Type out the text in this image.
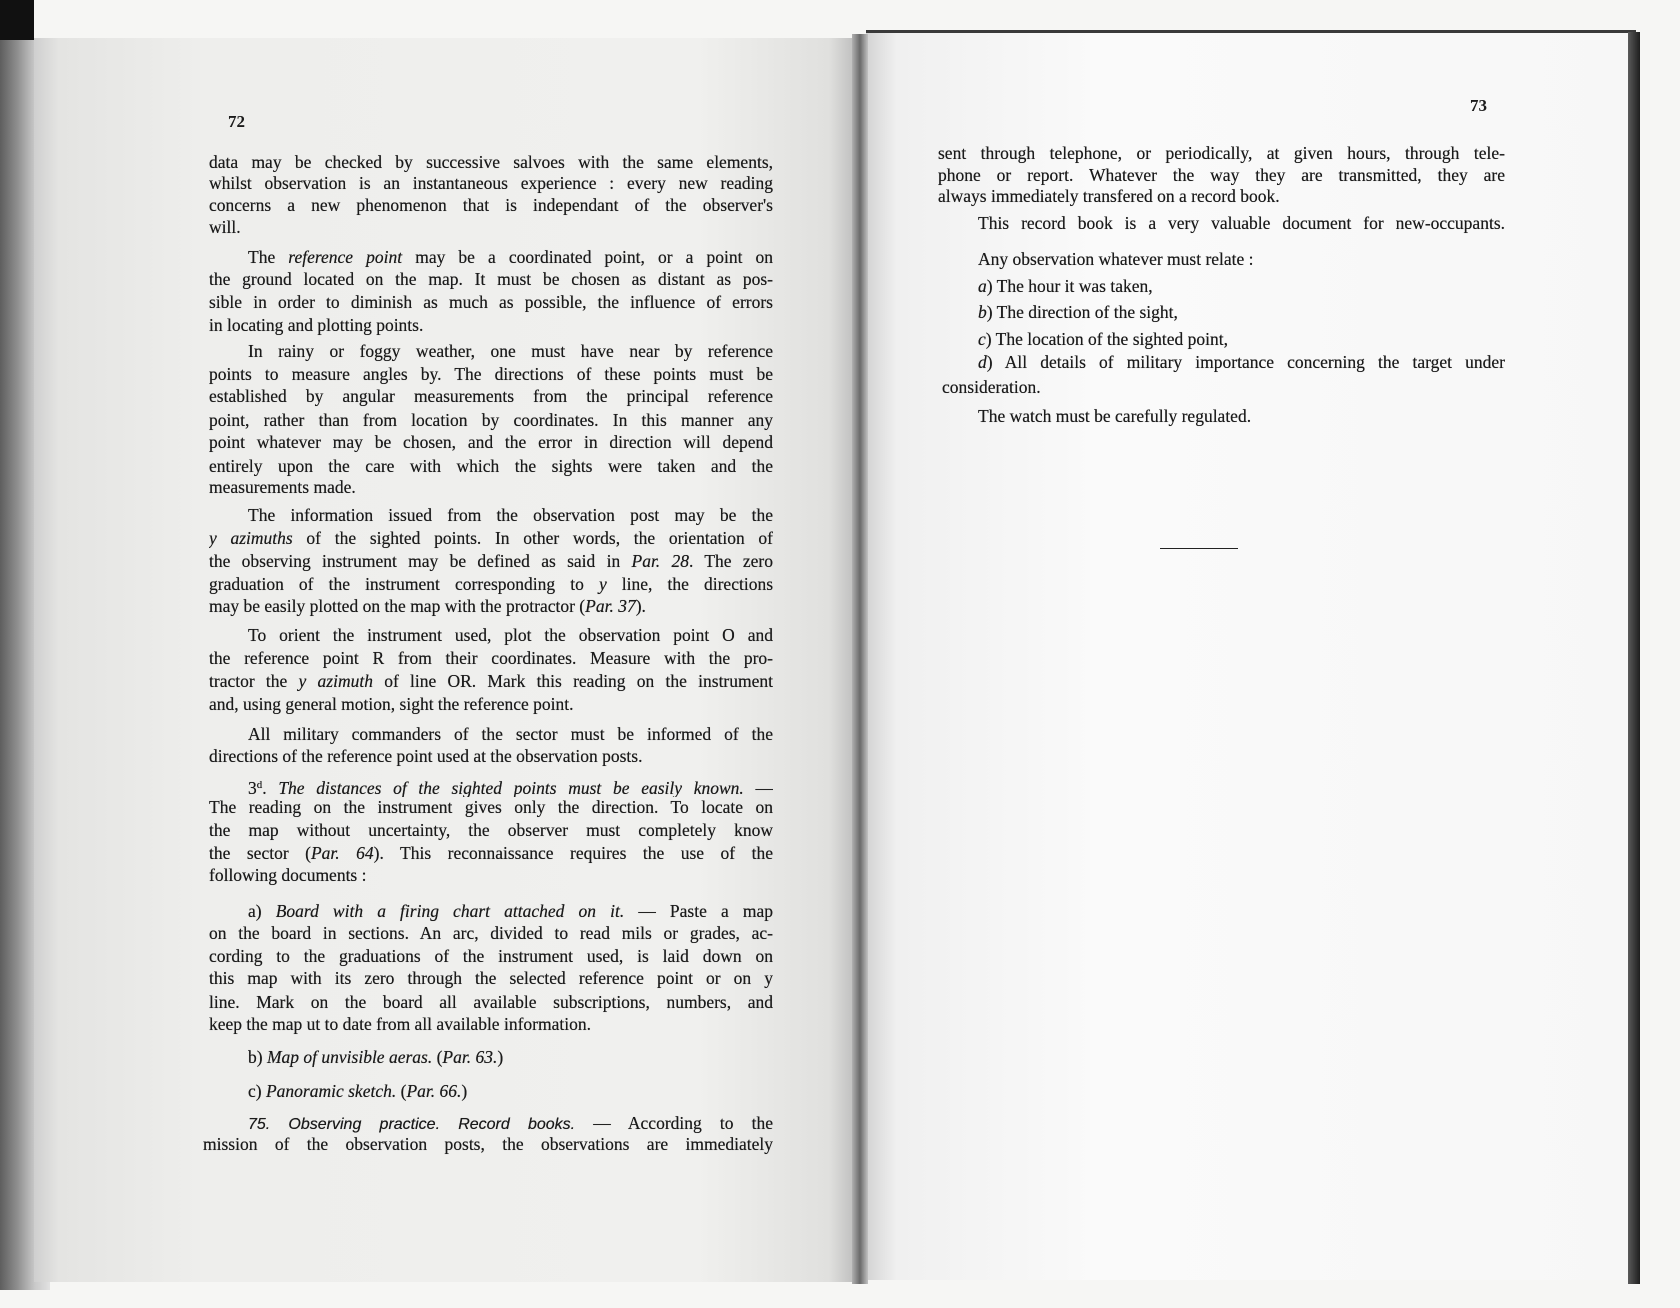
72
73
data may be checked by successive salvoes with the same elements,
whilst observation is an instantaneous experience : every new reading
concerns a new phenomenon that is independant of the observer's
will.
The reference point may be a coordinated point, or a point on
the ground located on the map. It must be chosen as distant as pos-
sible in order to diminish as much as possible, the influence of errors
in locating and plotting points.
In rainy or foggy weather, one must have near by reference
points to measure angles by. The directions of these points must be
established by angular measurements from the principal reference
point, rather than from location by coordinates. In this manner any
point whatever may be chosen, and the error in direction will depend
entirely upon the care with which the sights were taken and the
measurements made.
The information issued from the observation post may be the
y azimuths of the sighted points. In other words, the orientation of
the observing instrument may be defined as said in Par. 28. The zero
graduation of the instrument corresponding to y line, the directions
may be easily plotted on the map with the protractor (Par. 37).
To orient the instrument used, plot the observation point O and
the reference point R from their coordinates. Measure with the pro-
tractor the y azimuth of line OR. Mark this reading on the instrument
and, using general motion, sight the reference point.
All military commanders of the sector must be informed of the
directions of the reference point used at the observation posts.
3$^d$. The distances of the sighted points must be easily known. —
The reading on the instrument gives only the direction. To locate on
the map without uncertainty, the observer must completely know
the sector (Par. 64). This reconnaissance requires the use of the
following documents :
a) Board with a firing chart attached on it. — Paste a map
on the board in sections. An arc, divided to read mils or grades, ac-
cording to the graduations of the instrument used, is laid down on
this map with its zero through the selected reference point or on y
line. Mark on the board all available subscriptions, numbers, and
keep the map ut to date from all available information.
b) Map of unvisible aeras. (Par. 63.)
c) Panoramic sketch. (Par. 66.)
75. Observing practice. Record books. — According to the
mission of the observation posts, the observations are immediately
sent through telephone, or periodically, at given hours, through tele-
phone or report. Whatever the way they are transmitted, they are
always immediately transfered on a record book.
This record book is a very valuable document for new-occupants.
Any observation whatever must relate :
a) The hour it was taken,
b) The direction of the sight,
c) The location of the sighted point,
d) All details of military importance concerning the target under
consideration.
The watch must be carefully regulated.
